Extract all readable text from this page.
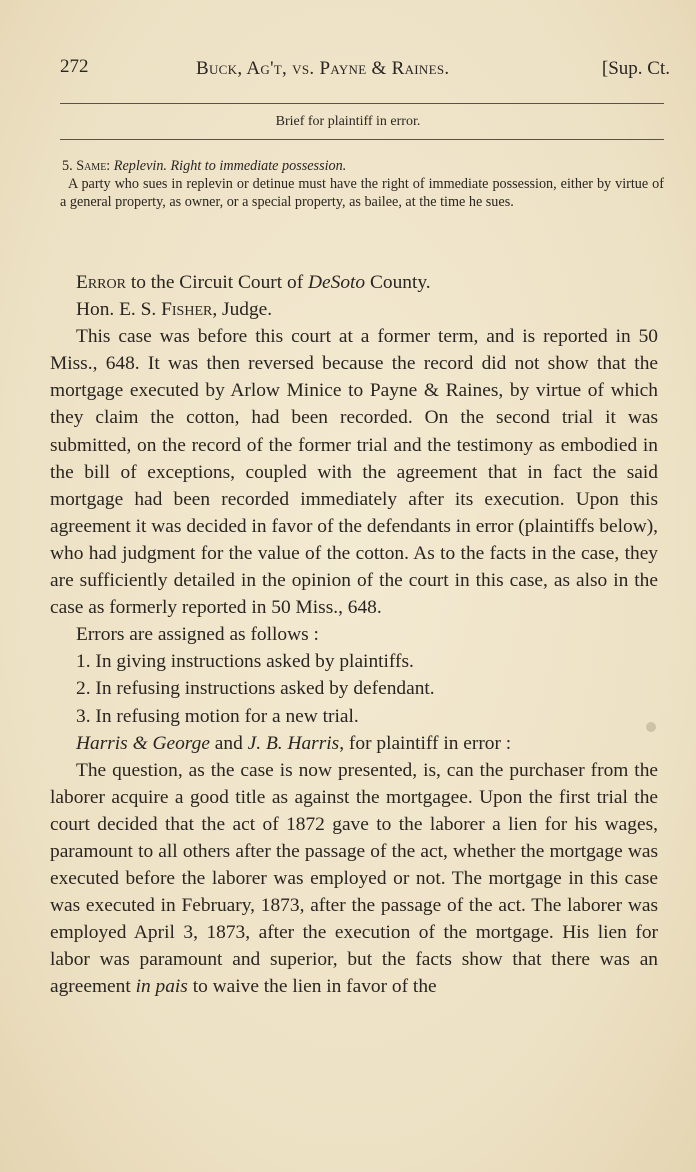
272	Buck, Ag't, vs. Payne & Raines.	[Sup. Ct.
Brief for plaintiff in error.
5. Same: Replevin. Right to immediate possession.
A party who sues in replevin or detinue must have the right of immediate possession, either by virtue of a general property, as owner, or a special property, as bailee, at the time he sues.
Error to the Circuit Court of DeSoto County.
Hon. E. S. Fisher, Judge.

This case was before this court at a former term, and is reported in 50 Miss., 648. It was then reversed because the record did not show that the mortgage executed by Arlow Minice to Payne & Raines, by virtue of which they claim the cotton, had been recorded. On the second trial it was submitted, on the record of the former trial and the testimony as embodied in the bill of exceptions, coupled with the agreement that in fact the said mortgage had been recorded immediately after its execution. Upon this agreement it was decided in favor of the defendants in error (plaintiffs below), who had judgment for the value of the cotton. As to the facts in the case, they are sufficiently detailed in the opinion of the court in this case, as also in the case as formerly reported in 50 Miss., 648.

Errors are assigned as follows :
1. In giving instructions asked by plaintiffs.
2. In refusing instructions asked by defendant.
3. In refusing motion for a new trial.
Harris & George and J. B. Harris, for plaintiff in error :

The question, as the case is now presented, is, can the purchaser from the laborer acquire a good title as against the mortgagee. Upon the first trial the court decided that the act of 1872 gave to the laborer a lien for his wages, paramount to all others after the passage of the act, whether the mortgage was executed before the laborer was employed or not. The mortgage in this case was executed in February, 1873, after the passage of the act. The laborer was employed April 3, 1873, after the execution of the mortgage. His lien for labor was paramount and superior, but the facts show that there was an agreement in pais to waive the lien in favor of the
